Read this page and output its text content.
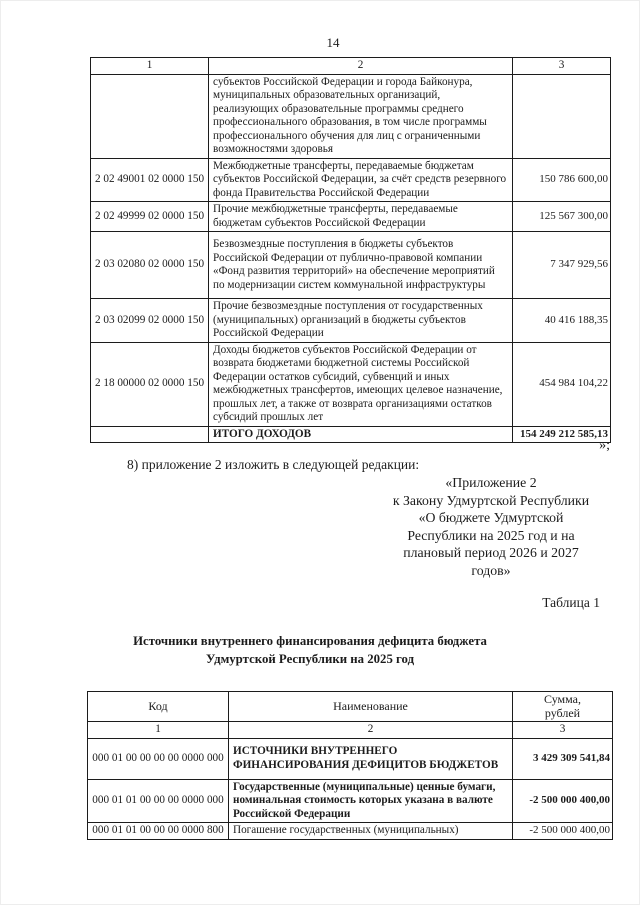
14
1	2	3
	субъектов Российской Федерации и города Байконура, муниципальных образовательных организаций, реализующих образовательные программы среднего профессионального образования, в том числе программы профессионального обучения для лиц с ограниченными возможностями здоровья	
2 02 49001 02 0000 150	Межбюджетные трансферты, передаваемые бюджетам субъектов Российской Федерации, за счёт средств резервного фонда Правительства Российской Федерации	150 786 600,00
2 02 49999 02 0000 150	Прочие межбюджетные трансферты, передаваемые бюджетам субъектов Российской Федерации	125 567 300,00
2 03 02080 02 0000 150	Безвозмездные поступления в бюджеты субъектов Российской Федерации от публично-правовой компании «Фонд развития территорий» на обеспечение мероприятий по модернизации систем коммунальной инфраструктуры	7 347 929,56
2 03 02099 02 0000 150	Прочие безвозмездные поступления от государственных (муниципальных) организаций в бюджеты субъектов Российской Федерации	40 416 188,35
2 18 00000 02 0000 150	Доходы бюджетов субъектов Российской Федерации от возврата бюджетами бюджетной системы Российской Федерации остатков субсидий, субвенций и иных межбюджетных трансфертов, имеющих целевое назначение, прошлых лет, а также от возврата организациями остатков субсидий прошлых лет	454 984 104,22
	ИТОГО ДОХОДОВ	154 249 212 585,13
»;
8) приложение 2 изложить в следующей редакции:
«Приложение 2
к Закону Удмуртской Республики
«О бюджете Удмуртской
Республики на 2025 год и на
плановый период 2026 и 2027
годов»
Таблица 1
Источники внутреннего финансирования дефицита бюджета
Удмуртской Республики на 2025 год
Код	Наименование	Сумма,
рублей

1	2	3
000 01 00 00 00 00 0000 000	ИСТОЧНИКИ ВНУТРЕННЕГО ФИНАНСИРОВАНИЯ ДЕФИЦИТОВ БЮДЖЕТОВ	3 429 309 541,84
000 01 01 00 00 00 0000 000	Государственные (муниципальные) ценные бумаги, номинальная стоимость которых указана в валюте Российской Федерации	-2 500 000 400,00
000 01 01 00 00 00 0000 800	Погашение государственных (муниципальных)	-2 500 000 400,00
